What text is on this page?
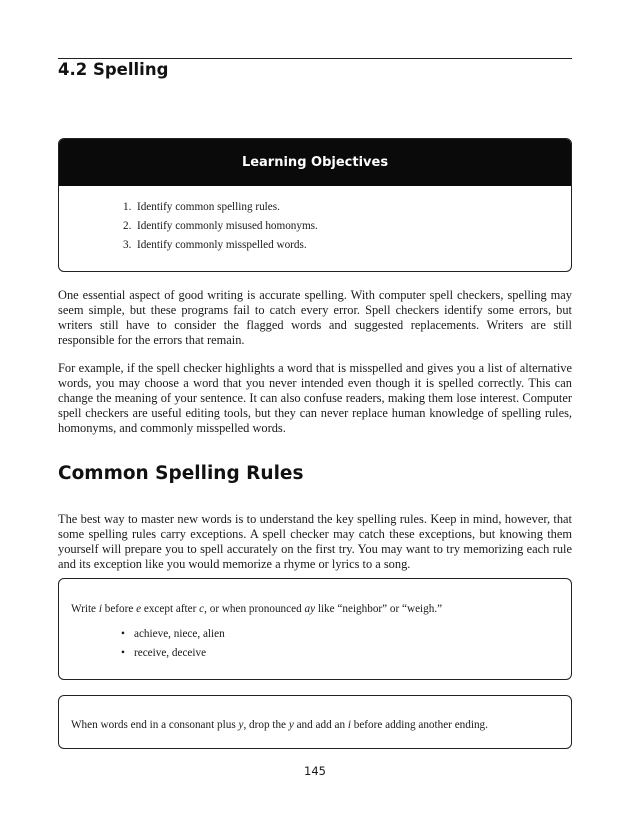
4.2 Spelling
Learning Objectives
1. Identify common spelling rules.
2. Identify commonly misused homonyms.
3. Identify commonly misspelled words.

One essential aspect of good writing is accurate spelling. With computer spell checkers, spelling may seem simple, but these programs fail to catch every error. Spell checkers identify some errors, but writers still have to consider the flagged words and suggested replacements. Writers are still responsible for the errors that remain.

For example, if the spell checker highlights a word that is misspelled and gives you a list of alternative words, you may choose a word that you never intended even though it is spelled correctly. This can change the meaning of your sentence. It can also confuse readers, making them lose interest. Computer spell checkers are useful editing tools, but they can never replace human knowledge of spelling rules, homonyms, and commonly misspelled words.

Common Spelling Rules

The best way to master new words is to understand the key spelling rules. Keep in mind, however, that some spelling rules carry exceptions. A spell checker may catch these exceptions, but knowing them yourself will prepare you to spell accurately on the first try. You may want to try memorizing each rule and its exception like you would memorize a rhyme or lyrics to a song.

Write i before e except after c, or when pronounced ay like “neighbor” or “weigh.”

• achieve, niece, alien
• receive, deceive

When words end in a consonant plus y, drop the y and add an i before adding another ending.

145
